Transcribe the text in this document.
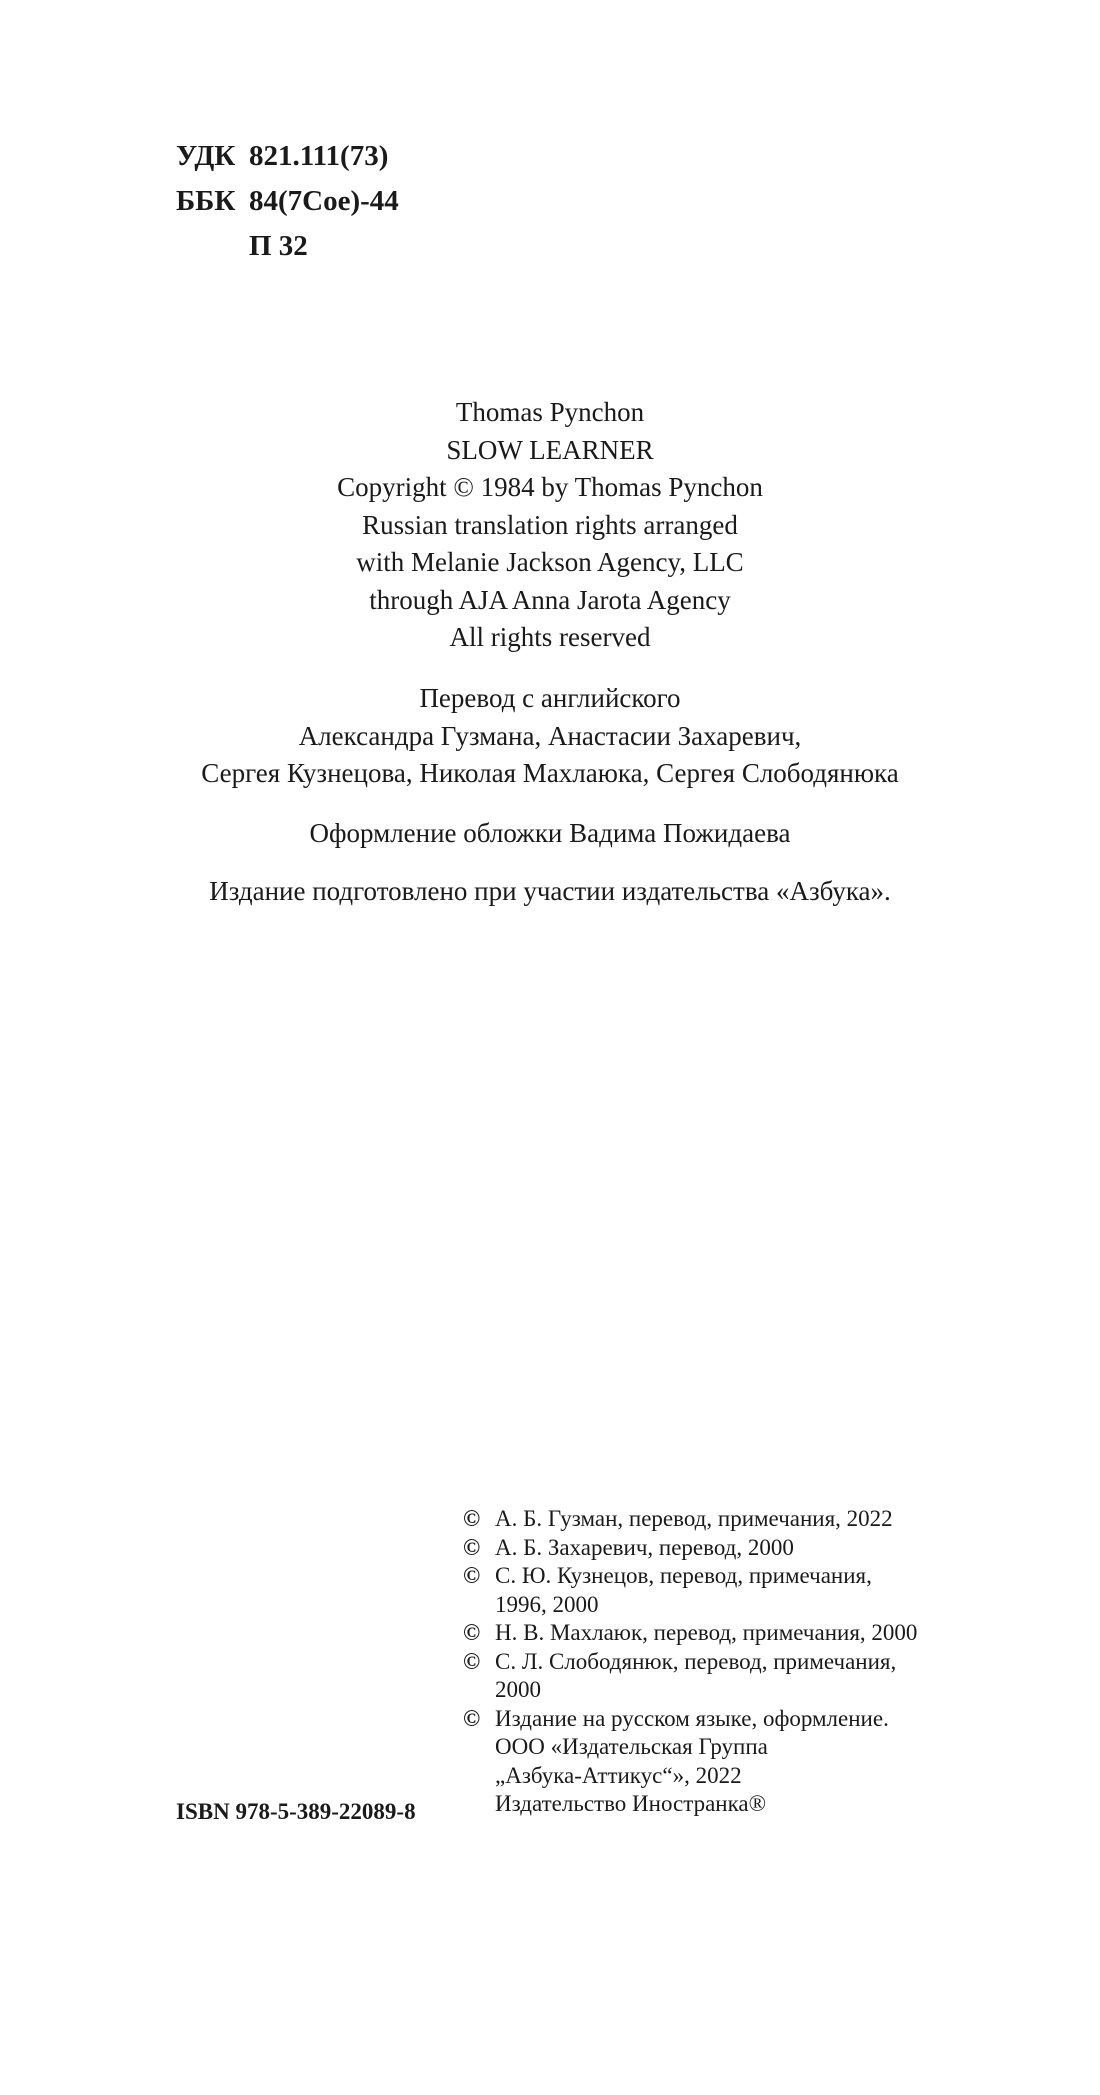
УДК 821.111(73)
ББК 84(7Сое)-44
П 32
Thomas Pynchon
SLOW LEARNER
Copyright © 1984 by Thomas Pynchon
Russian translation rights arranged
with Melanie Jackson Agency, LLC
through AJA Anna Jarota Agency
All rights reserved
Перевод с английского
Александра Гузмана, Анастасии Захаревич,
Сергея Кузнецова, Николая Махлаюка, Сергея Слободянюка
Оформление обложки Вадима Пожидаева
Издание подготовлено при участии издательства «Азбука».
© А. Б. Гузман, перевод, примечания, 2022
© А. Б. Захаревич, перевод, 2000
© С. Ю. Кузнецов, перевод, примечания,
1996, 2000
© Н. В. Махлаюк, перевод, примечания, 2000
© С. Л. Слободянюк, перевод, примечания,
2000
© Издание на русском языке, оформление.
ООО «Издательская Группа
„Азбука-Аттикус“», 2022
Издательство Иностранка®
ISBN 978-5-389-22089-8
